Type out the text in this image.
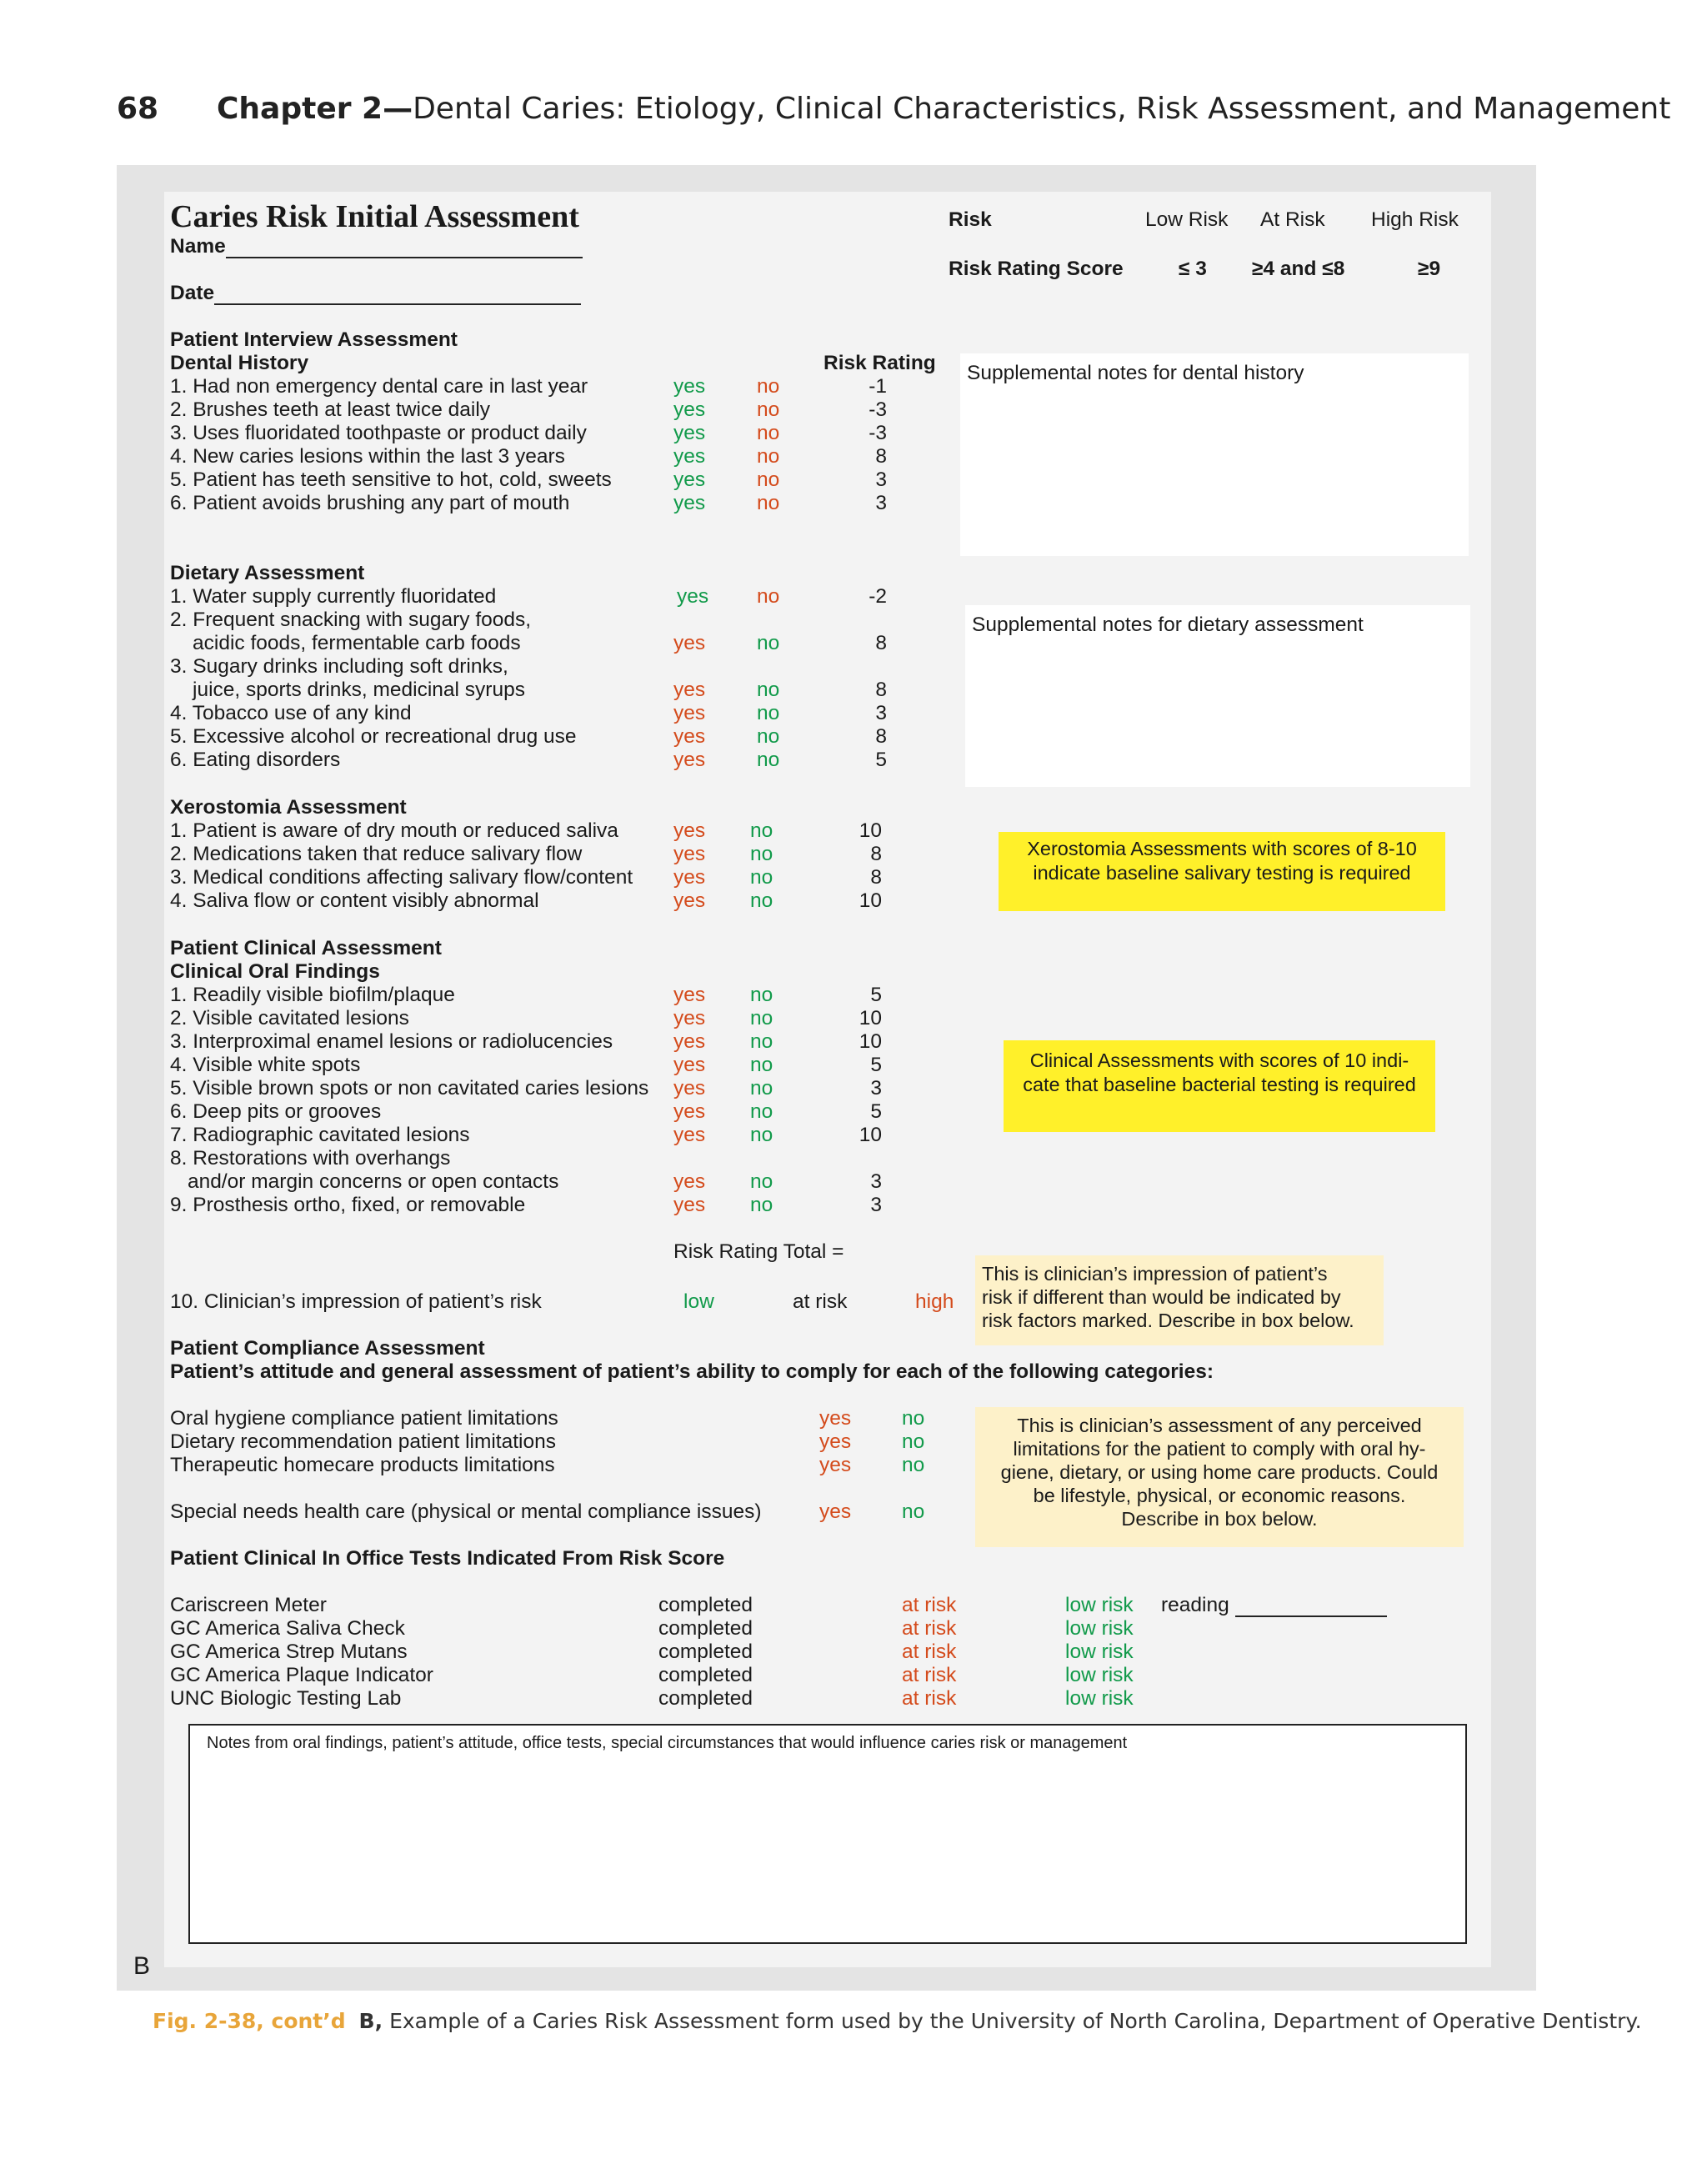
68 Chapter 2—Dental Caries: Etiology, Clinical Characteristics, Risk Assessment, and Management
Caries Risk Initial Assessment
Name
Date
Risk	Low Risk At Risk High Risk
Risk Rating Score	≤ 3 ≥4 and ≤8	≥9
Patient Interview Assessment
Dental History	Risk Rating
1. Had non emergency dental care in last year	yes	no	-1
2. Brushes teeth at least twice daily	yes	no	-3
3. Uses fluoridated toothpaste or product daily	yes	no	-3
4. New caries lesions within the last 3 years	yes	no	8
5. Patient has teeth sensitive to hot, cold, sweets	yes	no	3
6. Patient avoids brushing any part of mouth	yes	no	3
Supplemental notes for dental history
Dietary Assessment
1. Water supply currently fluoridated	yes no	-2
2. Frequent snacking with sugary foods,
acidic foods, fermentable carb foods	yes	no	8
3. Sugary drinks including soft drinks,
juice, sports drinks, medicinal syrups	yes	no	8
4. Tobacco use of any kind	yes	no	3
5. Excessive alcohol or recreational drug use	yes	no	8
6. Eating disorders	yes	no	5
Supplemental notes for dietary assessment
Xerostomia Assessment
1. Patient is aware of dry mouth or reduced saliva	yes no	10
2. Medications taken that reduce salivary flow	yes no	8
3. Medical conditions affecting salivary flow/content yes no	8
4. Saliva flow or content visibly abnormal	yes no	10
Xerostomia Assessments with scores of 8-10
indicate baseline salivary testing is required
Patient Clinical Assessment
Clinical Oral Findings
1. Readily visible biofilm/plaque	yes no	5
2. Visible cavitated lesions	yes no	10
3. Interproximal enamel lesions or radiolucencies	yes no	10
4. Visible white spots	yes no	5
5. Visible brown spots or non cavitated caries lesions yes no	3
6. Deep pits or grooves	yes no	5
7. Radiographic cavitated lesions	yes no	10
8. Restorations with overhangs
and/or margin concerns or open contacts	yes no	3
9. Prosthesis ortho, fixed, or removable	yes no	3
Clinical Assessments with scores of 10 indi-
cate that baseline bacterial testing is required
Risk Rating Total =
10. Clinician’s impression of patient’s risk	low	at risk	high
This is clinician’s impression of patient’s
risk if different than would be indicated by
risk factors marked. Describe in box below.
Patient Compliance Assessment
Patient’s attitude and general assessment of patient’s ability to comply for each of the following categories:
Oral hygiene compliance patient limitations	yes no
Dietary recommendation patient limitations	yes no
Therapeutic homecare products limitations	yes no
Special needs health care (physical or mental compliance issues)	yes no
This is clinician’s assessment of any perceived
limitations for the patient to comply with oral hy-
giene, dietary, or using home care products. Could
be lifestyle, physical, or economic reasons.
Describe in box below.
Patient Clinical In Office Tests Indicated From Risk Score
Cariscreen Meter	completed	at risk	low risk
GC America Saliva Check	completed	at risk	low risk
GC America Strep Mutans	completed	at risk	low risk
GC America Plaque Indicator	completed	at risk	low risk
UNC Biologic Testing Lab	completed	at risk	low risk
reading
Notes from oral findings, patient’s attitude, office tests, special circumstances that would influence caries risk or management
B
Fig. 2-38, cont’d B, Example of a Caries Risk Assessment form used by the University of North Carolina, Department of Operative Dentistry.
